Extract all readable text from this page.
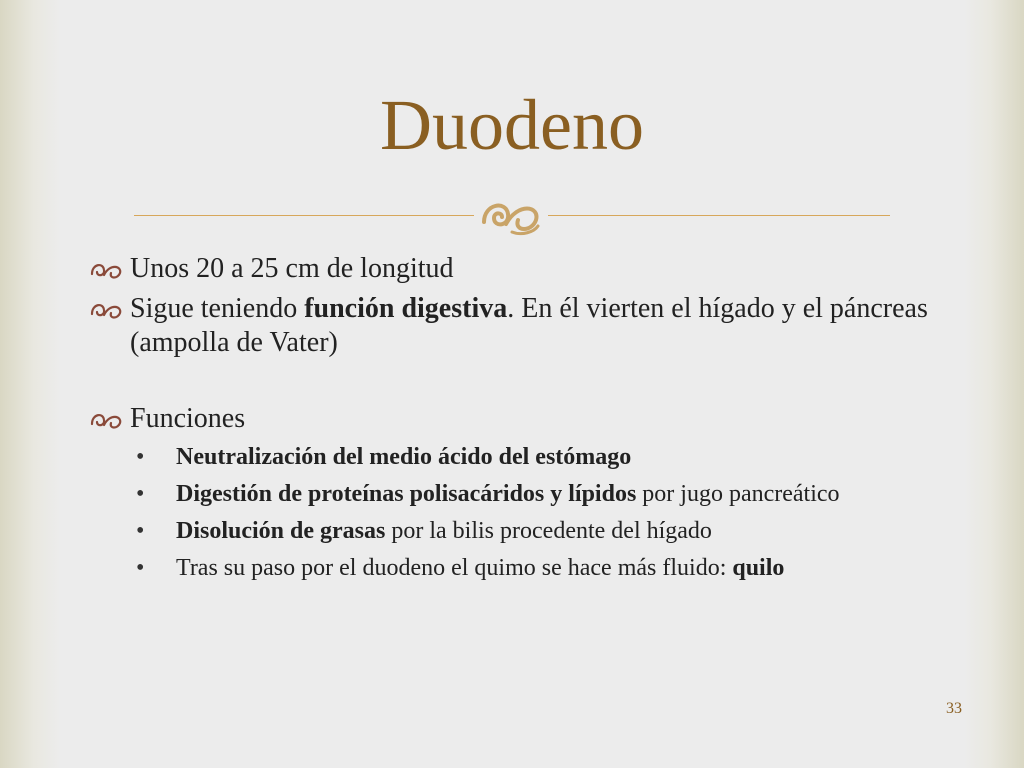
Duodeno
Unos 20 a 25 cm de longitud
Sigue teniendo función digestiva. En él vierten el hígado y el páncreas (ampolla de Vater)
Funciones
• Neutralización del medio ácido del estómago
• Digestión de proteínas polisacáridos y lípidos por jugo pancreático
• Disolución de grasas por la bilis procedente del hígado
• Tras su paso por el duodeno el quimo se hace más fluido: quilo
33
